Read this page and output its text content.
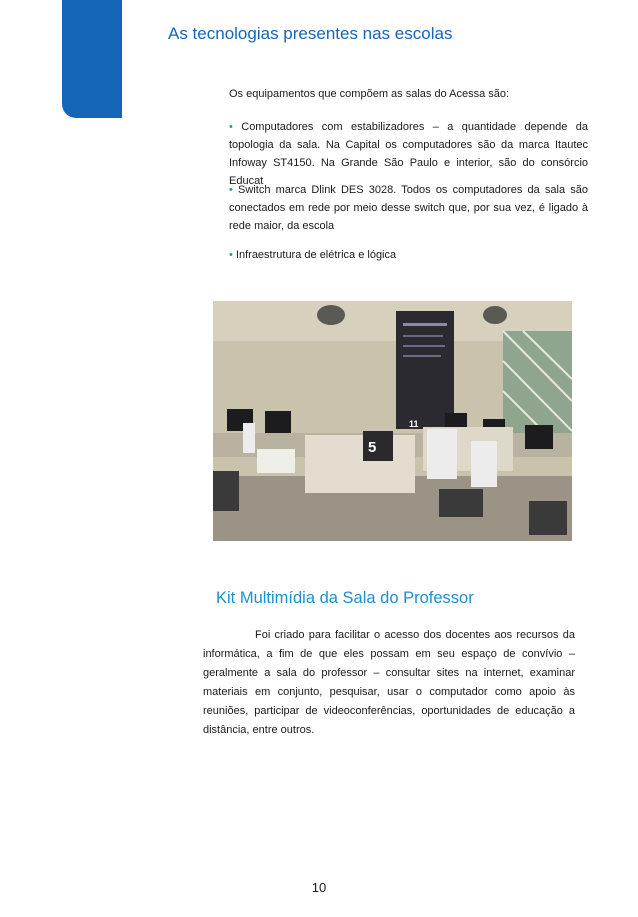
As tecnologias presentes nas escolas
Os equipamentos que compõem as salas do Acessa são:
• Computadores com estabilizadores – a quantidade depende da topologia da sala. Na Capital os computadores são da marca Itautec Infoway ST4150. Na Grande São Paulo e interior, são do consórcio Educat
• Switch marca Dlink DES 3028. Todos os computadores da sala são conectados em rede por meio desse switch que, por sua vez, é ligado à rede maior, da escola
• Infraestrutura de elétrica e lógica
5
11
Kit Multimídia da Sala do Professor
Foi criado para facilitar o acesso dos docentes aos recursos da informática, a fim de que eles possam em seu espaço de convívio – geralmente a sala do professor – consultar sites na internet, examinar materiais em conjunto, pesquisar, usar o computador como apoio às reuniões, participar de videoconferências, oportunidades de educação a distância, entre outros.
10
